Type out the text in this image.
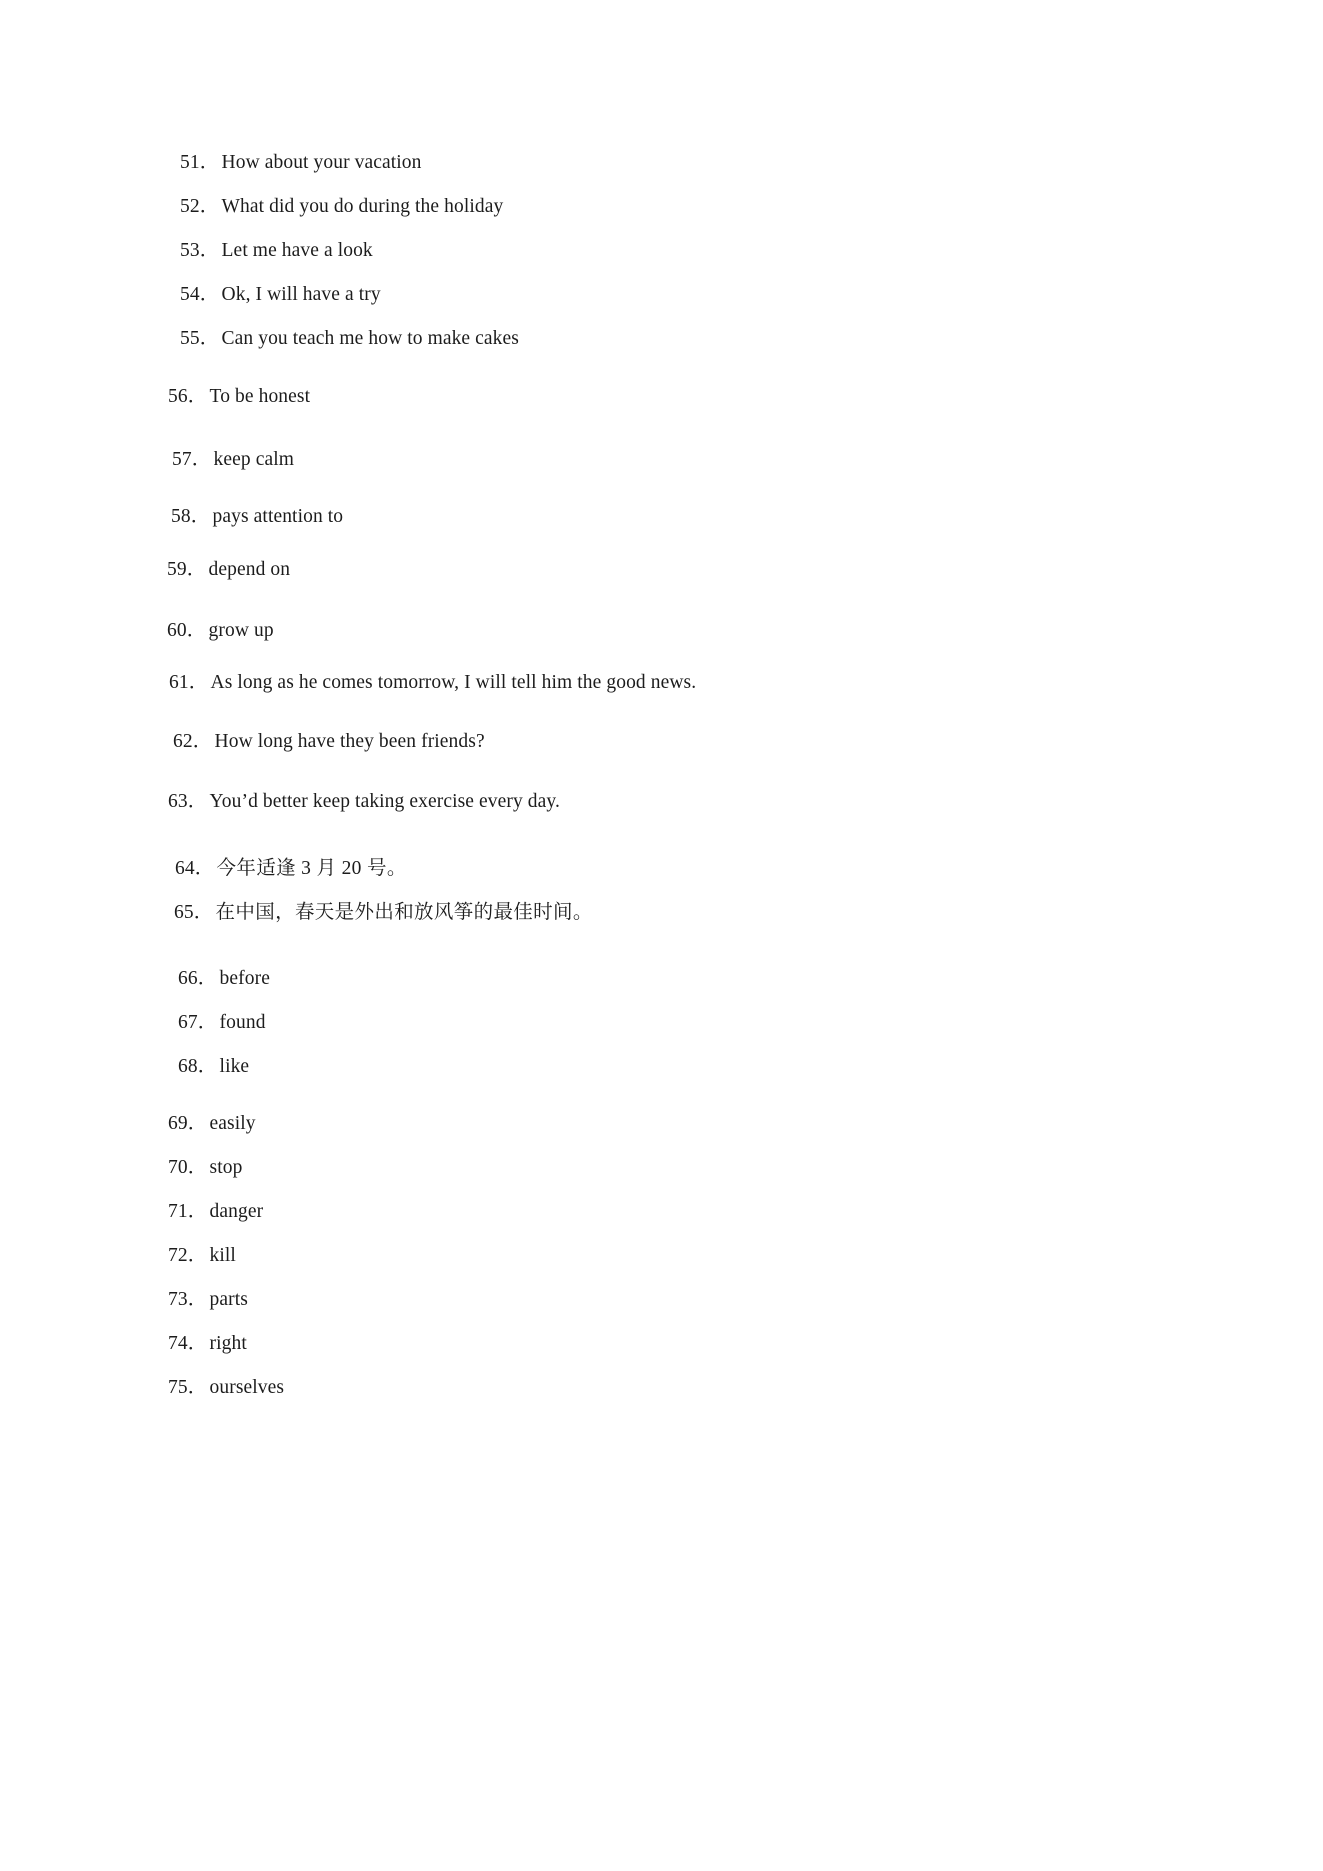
51． How about your vacation
52． What did you do during the holiday
53． Let me have a look
54． Ok, I will have a try
55． Can you teach me how to make cakes
56． To be honest
57． keep calm
58． pays attention to
59． depend on
60． grow up
61． As long as he comes tomorrow, I will tell him the good news.
62． How long have they been friends?
63． You’d better keep taking exercise every day.
64． 今年适逢 3 月 20 号。
65． 在中国，春天是外出和放风筝的最佳时间。
66． before
67． found
68． like
69． easily
70． stop
71． danger
72． kill
73． parts
74． right
75． ourselves
